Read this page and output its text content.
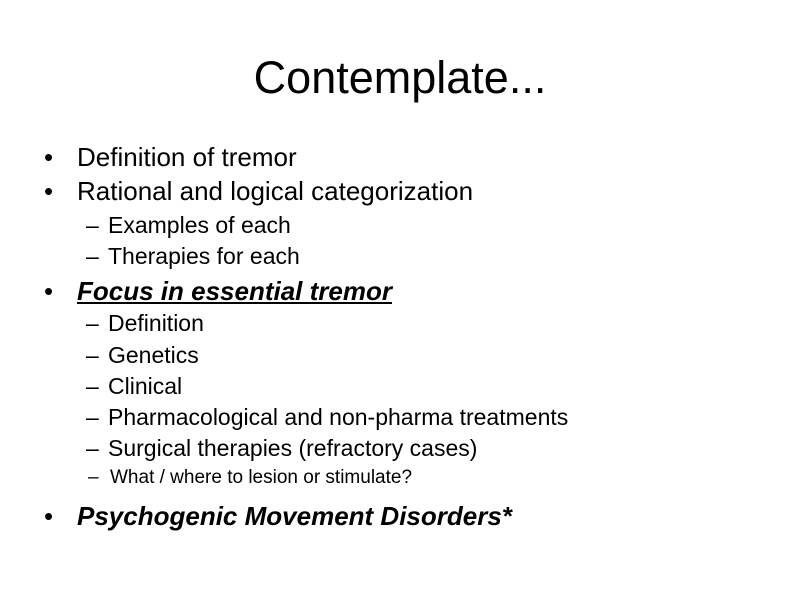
Contemplate...
• Definition of tremor
• Rational and logical categorization
– Examples of each
– Therapies for each
• Focus in essential tremor
– Definition
– Genetics
– Clinical
– Pharmacological and non-pharma treatments
– Surgical therapies (refractory cases)
– What / where to lesion or stimulate?
• Psychogenic Movement Disorders*
